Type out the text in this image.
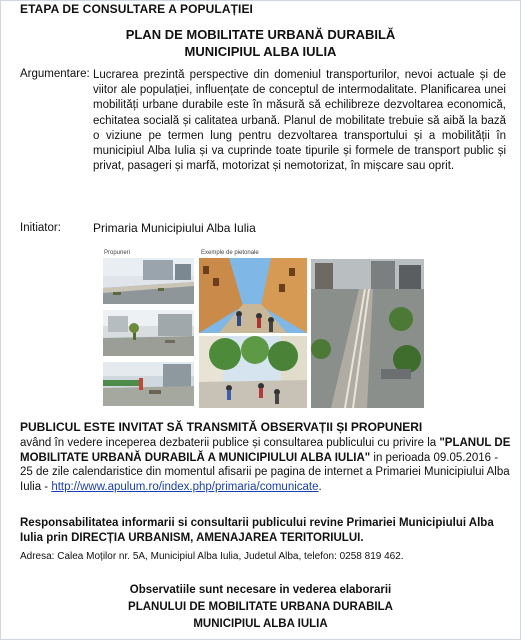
ETAPA DE CONSULTARE A POPULAȚIEI
PLAN DE MOBILITATE URBANĂ DURABILĂ
MUNICIPIUL ALBA IULIA
Argumentare: Lucrarea prezintă perspective din domeniul transporturilor, nevoi actuale și de viitor ale populației, influențate de conceptul de intermodalitate. Planificarea unei mobilități urbane durabile este în măsură să echilibreze dezvoltarea economică, echitatea socială și calitatea urbană. Planul de mobilitate trebuie să aibă la bază o viziune pe termen lung pentru dezvoltarea transportului și a mobilității în municipiul Alba Iulia și va cuprinde toate tipurile și formele de transport public și privat, pasageri și marfă, motorizat și nemotorizat, în mișcare sau oprit.
Initiator:	Primaria Municipiului Alba Iulia
Propuneri	Exemple de pietonale
PUBLICUL ESTE INVITAT SĂ TRANSMITĂ OBSERVAȚII ȘI PROPUNERI
având în vedere inceperea dezbaterii publice și consultarea publicului cu privire la "PLANUL DE MOBILITATE URBANĂ DURABILĂ A MUNICIPIULUI ALBA IULIA" in perioada 09.05.2016 - 25 de zile calendaristice din momentul afisarii pe pagina de internet a Primariei Municipiului Alba Iulia - http://www.apulum.ro/index.php/primaria/comunicate.
Responsabilitatea informarii si consultarii publicului revine Primariei Municipiului Alba Iulia prin DIRECȚIA URBANISM, AMENAJAREA TERITORIULUI.
Adresa: Calea Moților nr. 5A, Municipiul Alba Iulia, Judetul Alba, telefon: 0258 819 462.
Observatiile sunt necesare in vederea elaborarii
PLANULUI DE MOBILITATE URBANA DURABILA
MUNICIPIUL ALBA IULIA
